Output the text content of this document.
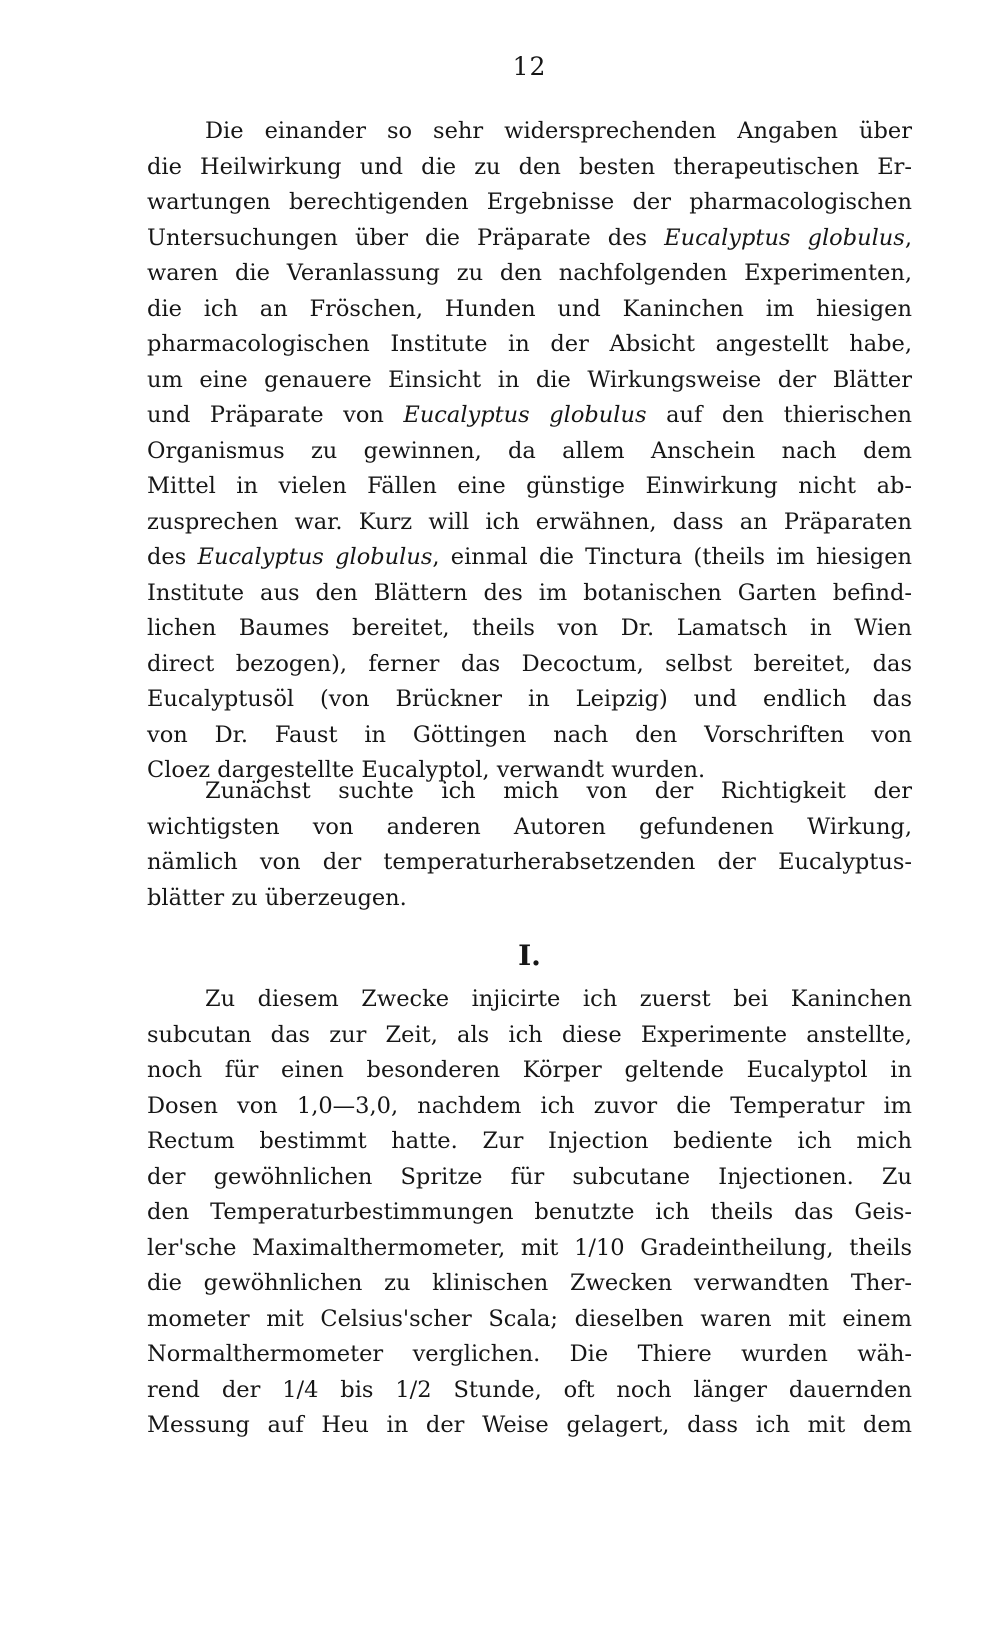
12
Die einander so sehr widersprechenden Angaben über
die Heilwirkung und die zu den besten therapeutischen Er-
wartungen berechtigenden Ergebnisse der pharmacologischen
Untersuchungen über die Präparate des Eucalyptus globulus,
waren die Veranlassung zu den nachfolgenden Experimenten,
die ich an Fröschen, Hunden und Kaninchen im hiesigen
pharmacologischen Institute in der Absicht angestellt habe,
um eine genauere Einsicht in die Wirkungsweise der Blätter
und Präparate von Eucalyptus globulus auf den thierischen
Organismus zu gewinnen, da allem Anschein nach dem
Mittel in vielen Fällen eine günstige Einwirkung nicht ab-
zusprechen war. Kurz will ich erwähnen, dass an Präparaten
des Eucalyptus globulus, einmal die Tinctura (theils im hiesigen
Institute aus den Blättern des im botanischen Garten befind-
lichen Baumes bereitet, theils von Dr. Lamatsch in Wien
direct bezogen), ferner das Decoctum, selbst bereitet, das
Eucalyptusöl (von Brückner in Leipzig) und endlich das
von Dr. Faust in Göttingen nach den Vorschriften von
Cloez dargestellte Eucalyptol, verwandt wurden.
Zunächst suchte ich mich von der Richtigkeit der
wichtigsten von anderen Autoren gefundenen Wirkung,
nämlich von der temperaturherabsetzenden der Eucalyptus-
blätter zu überzeugen.
I.
Zu diesem Zwecke injicirte ich zuerst bei Kaninchen
subcutan das zur Zeit, als ich diese Experimente anstellte,
noch für einen besonderen Körper geltende Eucalyptol in
Dosen von 1,0—3,0, nachdem ich zuvor die Temperatur im
Rectum bestimmt hatte. Zur Injection bediente ich mich
der gewöhnlichen Spritze für subcutane Injectionen. Zu
den Temperaturbestimmungen benutzte ich theils das Geis-
ler'sche Maximalthermometer, mit 1/10 Gradeintheilung, theils
die gewöhnlichen zu klinischen Zwecken verwandten Ther-
mometer mit Celsius'scher Scala; dieselben waren mit einem
Normalthermometer verglichen. Die Thiere wurden wäh-
rend der 1/4 bis 1/2 Stunde, oft noch länger dauernden
Messung auf Heu in der Weise gelagert, dass ich mit dem
